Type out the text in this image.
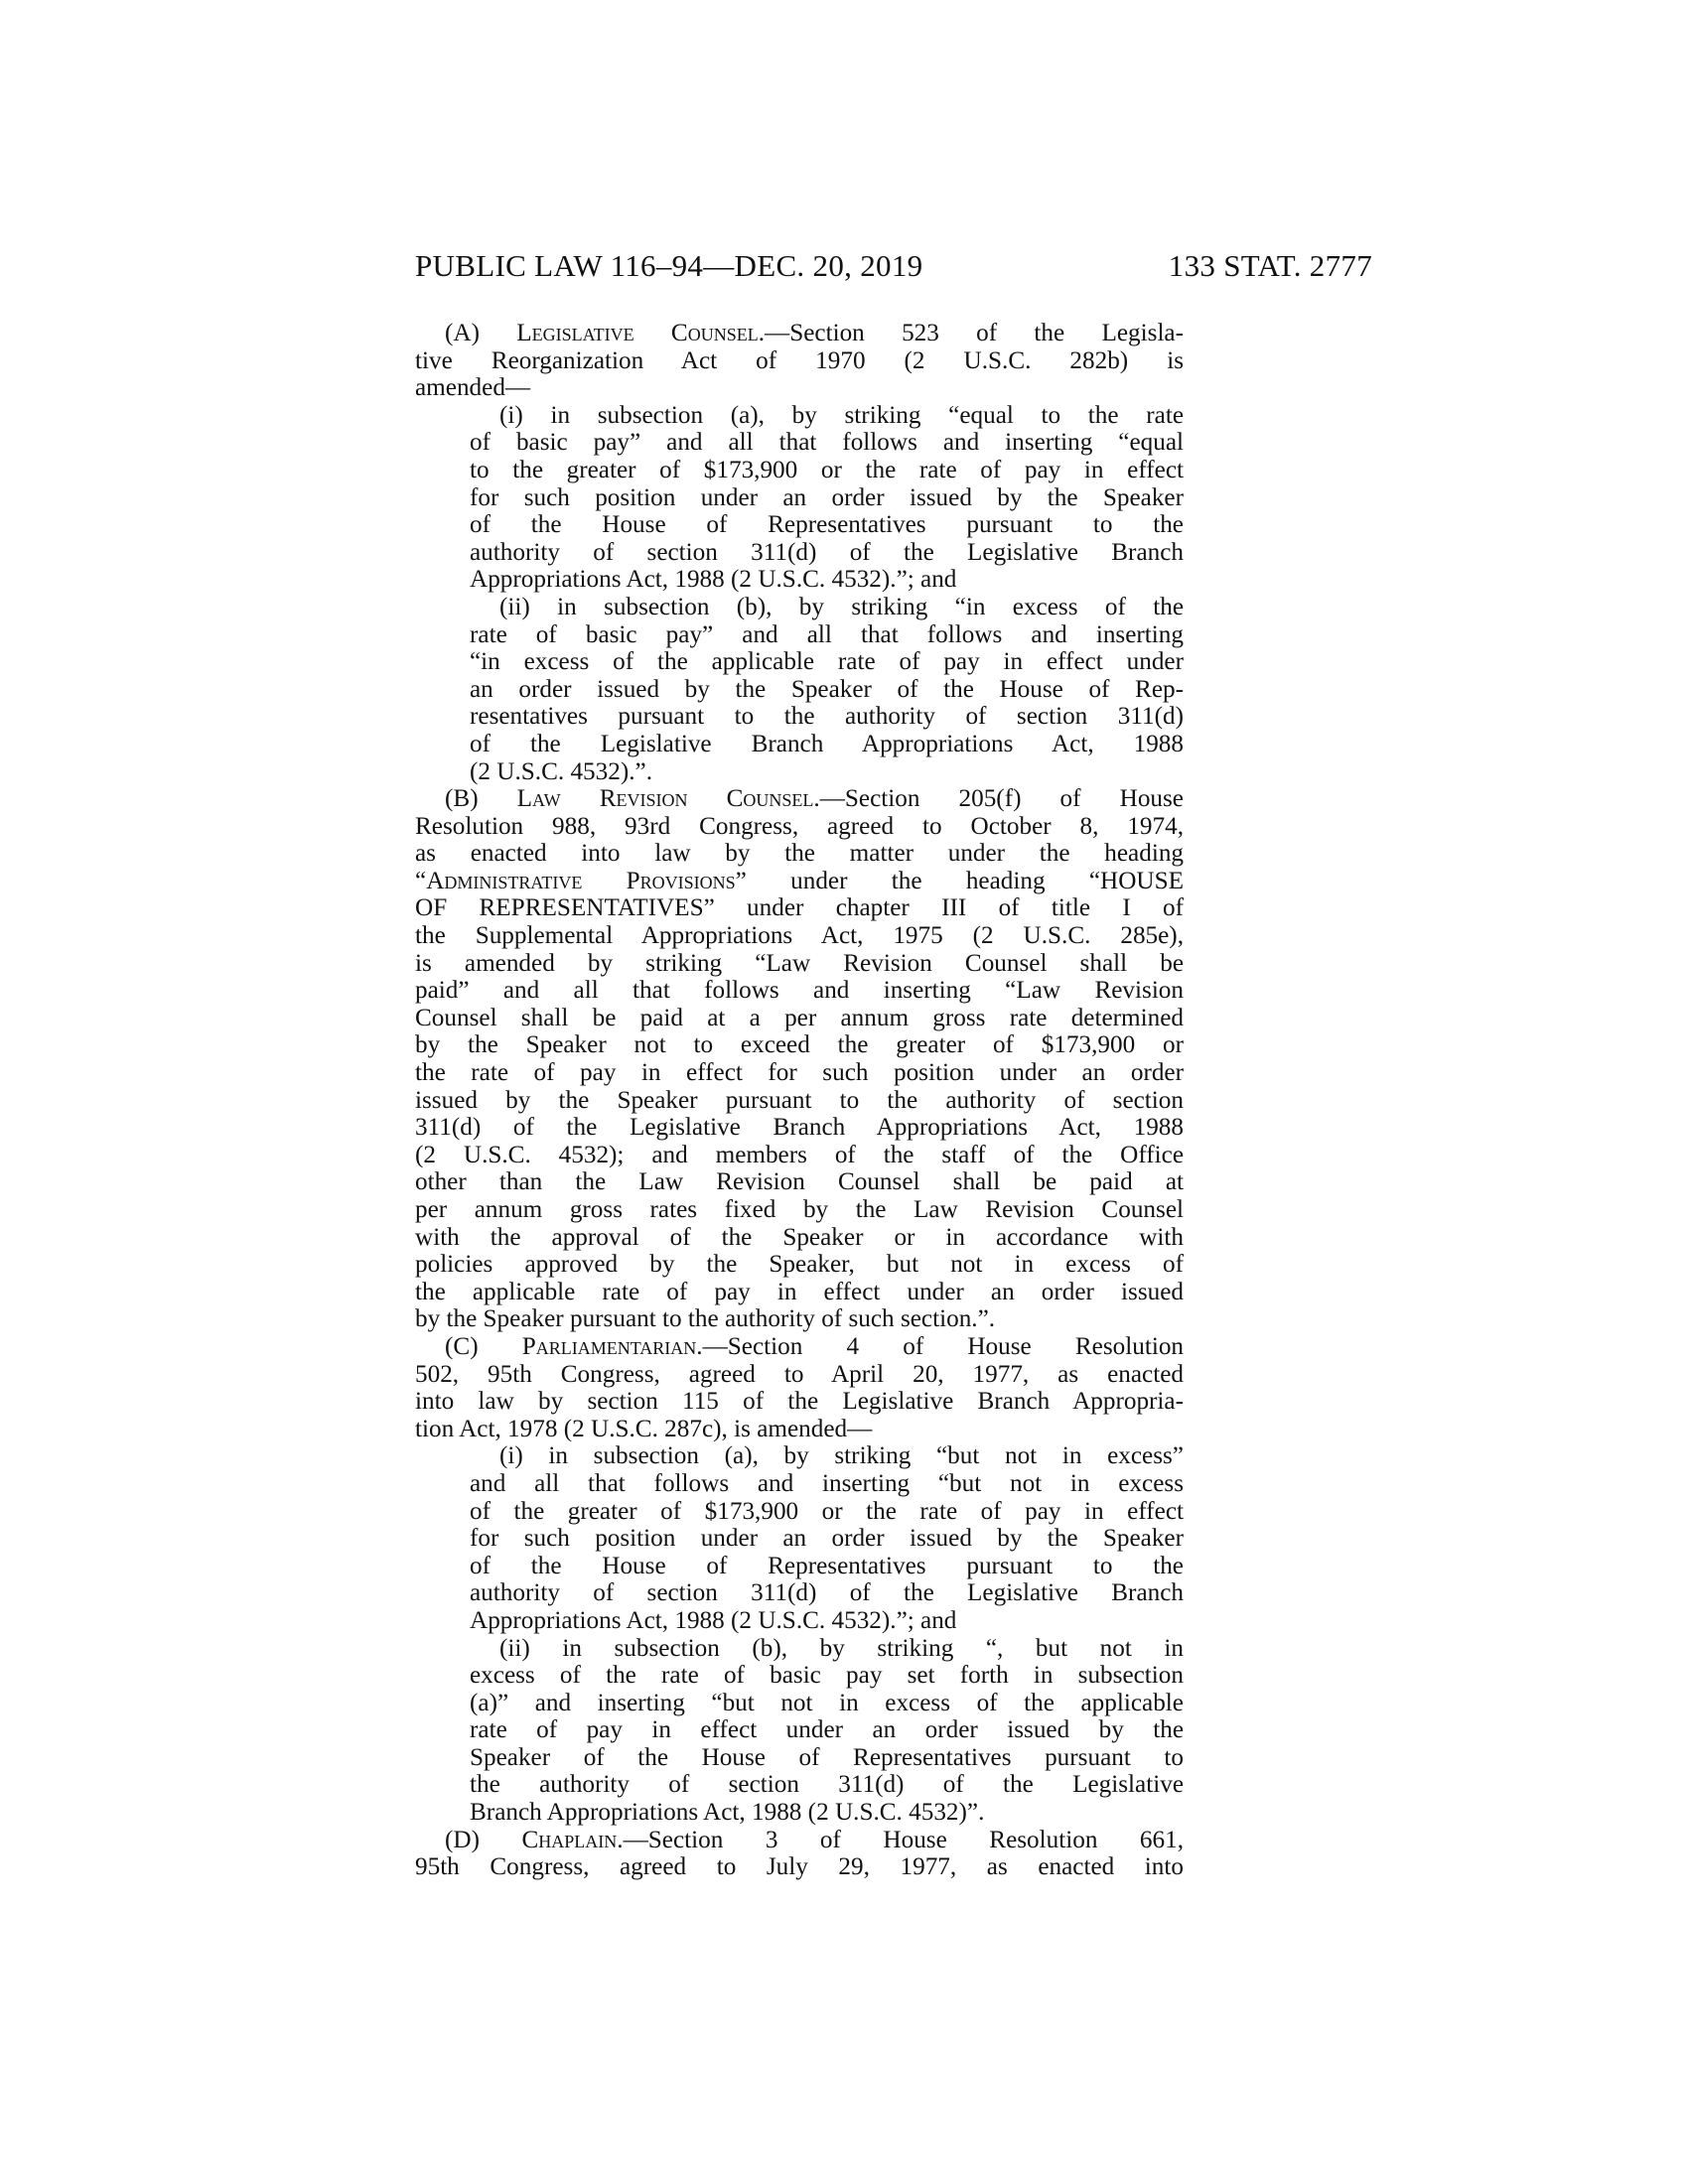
PUBLIC LAW 116–94—DEC. 20, 2019	133 STAT. 2777
(A) Legislative Counsel.—Section 523 of the Legisla-
tive Reorganization Act of 1970 (2 U.S.C. 282b) is
amended—
(i) in subsection (a), by striking “equal to the rate
of basic pay” and all that follows and inserting “equal
to the greater of $173,900 or the rate of pay in effect
for such position under an order issued by the Speaker
of the House of Representatives pursuant to the
authority of section 311(d) of the Legislative Branch
Appropriations Act, 1988 (2 U.S.C. 4532).”; and
(ii) in subsection (b), by striking “in excess of the
rate of basic pay” and all that follows and inserting
“in excess of the applicable rate of pay in effect under
an order issued by the Speaker of the House of Rep-
resentatives pursuant to the authority of section 311(d)
of the Legislative Branch Appropriations Act, 1988
(2 U.S.C. 4532).”.
(B) Law Revision Counsel.—Section 205(f) of House
Resolution 988, 93rd Congress, agreed to October 8, 1974,
as enacted into law by the matter under the heading
“Administrative Provisions” under the heading “HOUSE
OF REPRESENTATIVES” under chapter III of title I of
the Supplemental Appropriations Act, 1975 (2 U.S.C. 285e),
is amended by striking “Law Revision Counsel shall be
paid” and all that follows and inserting “Law Revision
Counsel shall be paid at a per annum gross rate determined
by the Speaker not to exceed the greater of $173,900 or
the rate of pay in effect for such position under an order
issued by the Speaker pursuant to the authority of section
311(d) of the Legislative Branch Appropriations Act, 1988
(2 U.S.C. 4532); and members of the staff of the Office
other than the Law Revision Counsel shall be paid at
per annum gross rates fixed by the Law Revision Counsel
with the approval of the Speaker or in accordance with
policies approved by the Speaker, but not in excess of
the applicable rate of pay in effect under an order issued
by the Speaker pursuant to the authority of such section.”.
(C) Parliamentarian.—Section 4 of House Resolution
502, 95th Congress, agreed to April 20, 1977, as enacted
into law by section 115 of the Legislative Branch Appropria-
tion Act, 1978 (2 U.S.C. 287c), is amended—
(i) in subsection (a), by striking “but not in excess”
and all that follows and inserting “but not in excess
of the greater of $173,900 or the rate of pay in effect
for such position under an order issued by the Speaker
of the House of Representatives pursuant to the
authority of section 311(d) of the Legislative Branch
Appropriations Act, 1988 (2 U.S.C. 4532).”; and
(ii) in subsection (b), by striking “, but not in
excess of the rate of basic pay set forth in subsection
(a)” and inserting “but not in excess of the applicable
rate of pay in effect under an order issued by the
Speaker of the House of Representatives pursuant to
the authority of section 311(d) of the Legislative
Branch Appropriations Act, 1988 (2 U.S.C. 4532)”.
(D) Chaplain.—Section 3 of House Resolution 661,
95th Congress, agreed to July 29, 1977, as enacted into
